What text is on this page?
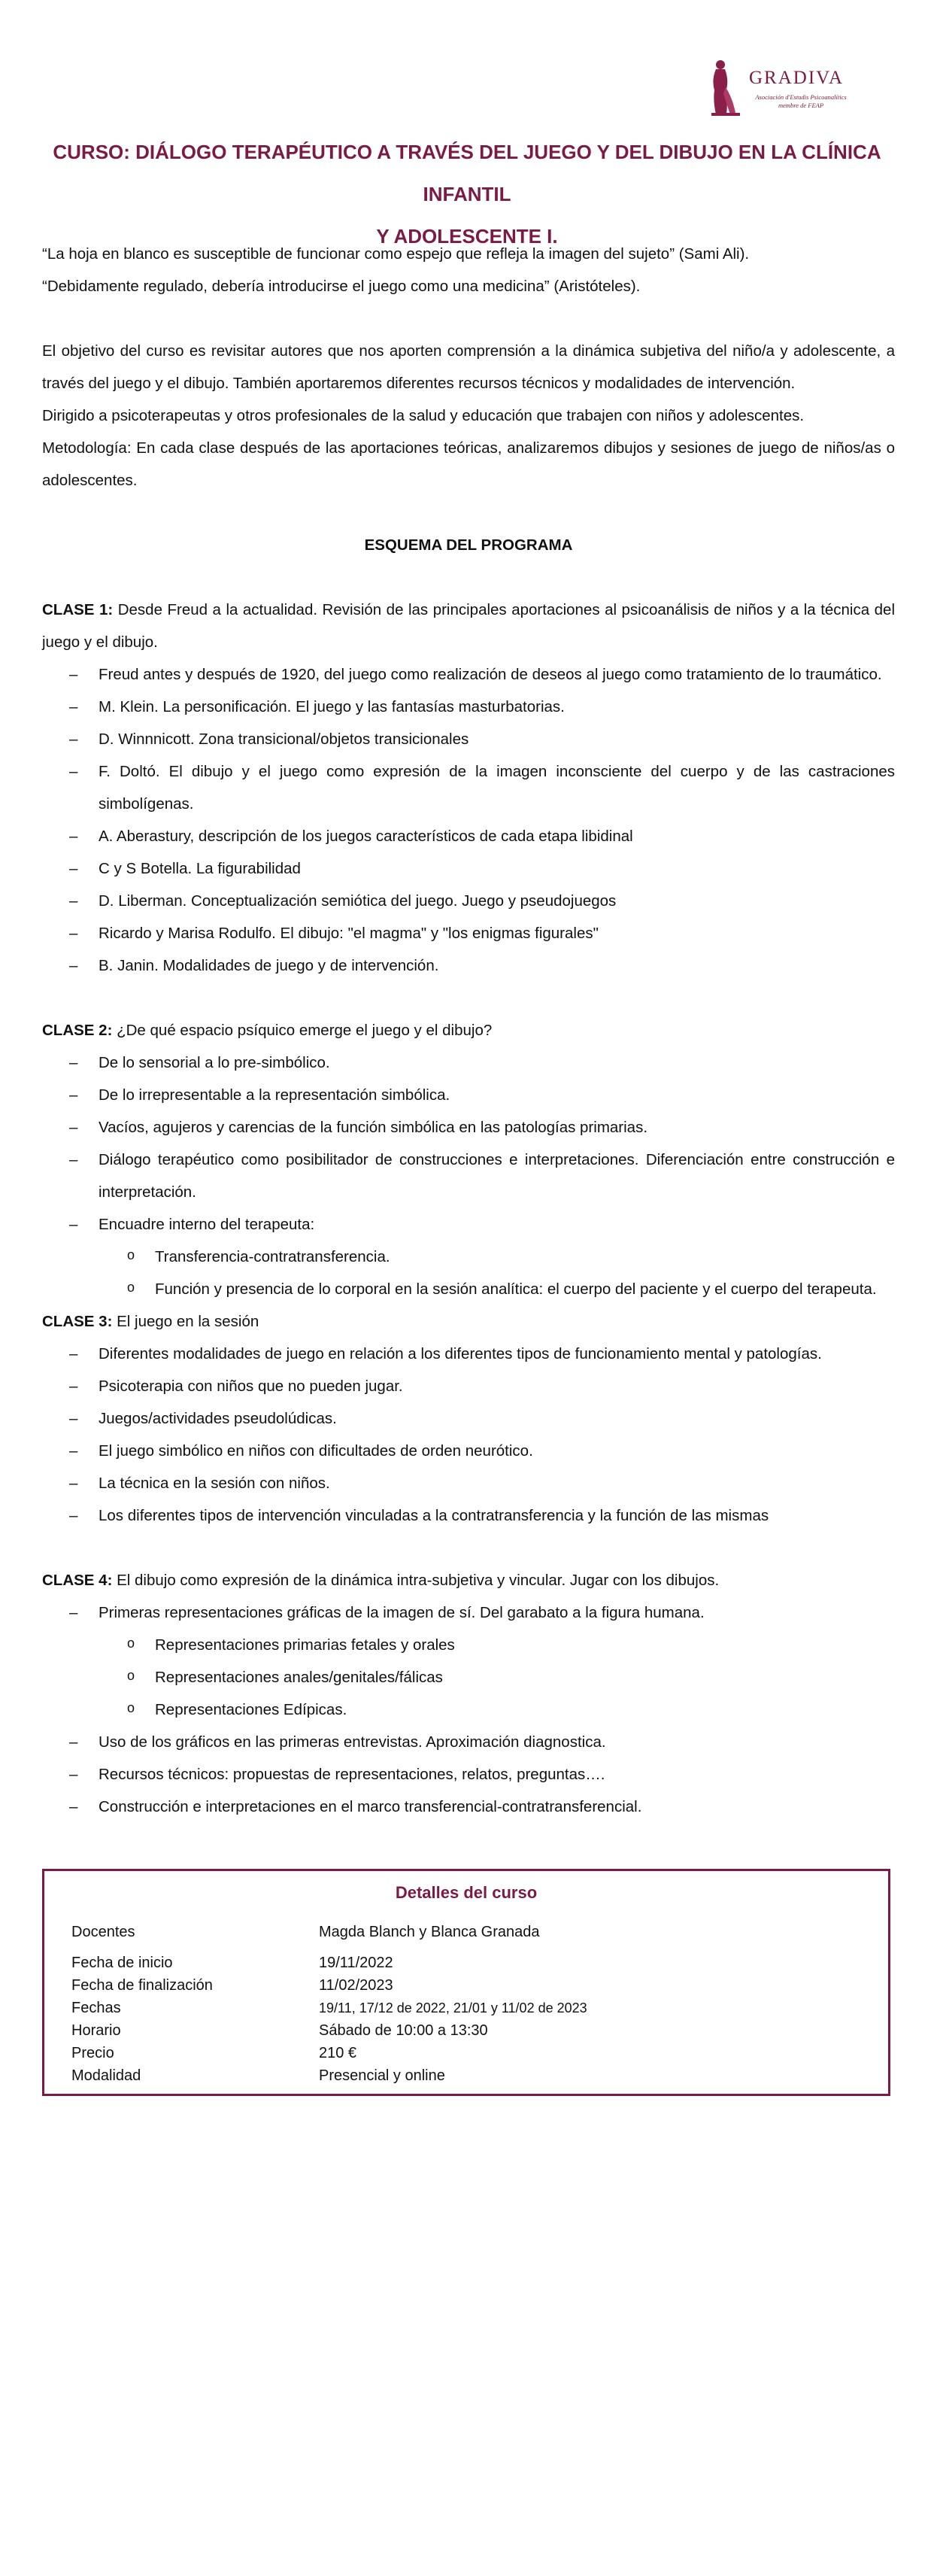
GRADIVA
Asociación d'Estudis Psicoanalítics
membre de FEAP
CURSO: DIÁLOGO TERAPÉUTICO A TRAVÉS DEL JUEGO Y DEL DIBUJO EN LA CLÍNICA INFANTIL
Y ADOLESCENTE I.

“La hoja en blanco es susceptible de funcionar como espejo que refleja la imagen del sujeto” (Sami Ali).

“Debidamente regulado, debería introducirse el juego como una medicina” (Aristóteles).

El objetivo del curso es revisitar autores que nos aporten comprensión a la dinámica subjetiva del niño/a y adolescente, a través del juego y el dibujo. También aportaremos diferentes recursos técnicos y modalidades de intervención.

Dirigido a psicoterapeutas y otros profesionales de la salud y educación que trabajen con niños y adolescentes.

Metodología: En cada clase después de las aportaciones teóricas, analizaremos dibujos y sesiones de juego de niños/as o adolescentes.

ESQUEMA DEL PROGRAMA

CLASE 1: Desde Freud a la actualidad. Revisión de las principales aportaciones al psicoanálisis de niños y a la técnica del juego y el dibujo.

– Freud antes y después de 1920, del juego como realización de deseos al juego como tratamiento de lo traumático.
– M. Klein. La personificación. El juego y las fantasías masturbatorias.
– D. Winnnicott. Zona transicional/objetos transicionales
– F. Doltó. El dibujo y el juego como expresión de la imagen inconsciente del cuerpo y de las castraciones simbolígenas.
– A. Aberastury, descripción de los juegos característicos de cada etapa libidinal
– C y S Botella. La figurabilidad
– D. Liberman. Conceptualización semiótica del juego. Juego y pseudojuegos
– Ricardo y Marisa Rodulfo. El dibujo: "el magma" y "los enigmas figurales"
– B. Janin. Modalidades de juego y de intervención.

CLASE 2: ¿De qué espacio psíquico emerge el juego y el dibujo?

– De lo sensorial a lo pre-simbólico.
– De lo irrepresentable a la representación simbólica.
– Vacíos, agujeros y carencias de la función simbólica en las patologías primarias.
– Diálogo terapéutico como posibilitador de construcciones e interpretaciones. Diferenciación entre construcción e interpretación.
– Encuadre interno del terapeuta:
o Transferencia-contratransferencia.
o Función y presencia de lo corporal en la sesión analítica: el cuerpo del paciente y el cuerpo del terapeuta.

CLASE 3: El juego en la sesión

– Diferentes modalidades de juego en relación a los diferentes tipos de funcionamiento mental y patologías.
– Psicoterapia con niños que no pueden jugar.
– Juegos/actividades pseudolúdicas.
– El juego simbólico en niños con dificultades de orden neurótico.
– La técnica en la sesión con niños.
– Los diferentes tipos de intervención vinculadas a la contratransferencia y la función de las mismas

CLASE 4: El dibujo como expresión de la dinámica intra-subjetiva y vincular. Jugar con los dibujos.

– Primeras representaciones gráficas de la imagen de sí. Del garabato a la figura humana.
o Representaciones primarias fetales y orales
o Representaciones anales/genitales/fálicas
o Representaciones Edípicas.
– Uso de los gráficos en las primeras entrevistas. Aproximación diagnostica.
– Recursos técnicos: propuestas de representaciones, relatos, preguntas….
– Construcción e interpretaciones en el marco transferencial-contratransferencial.
Detalles del curso
Docentes	Magda Blanch y Blanca Granada
Fecha de inicio	19/11/2022
Fecha de finalización	11/02/2023
Fechas	19/11, 17/12 de 2022, 21/01 y 11/02 de 2023
Horario	Sábado de 10:00 a 13:30
Precio	210 €
Modalidad	Presencial y online
